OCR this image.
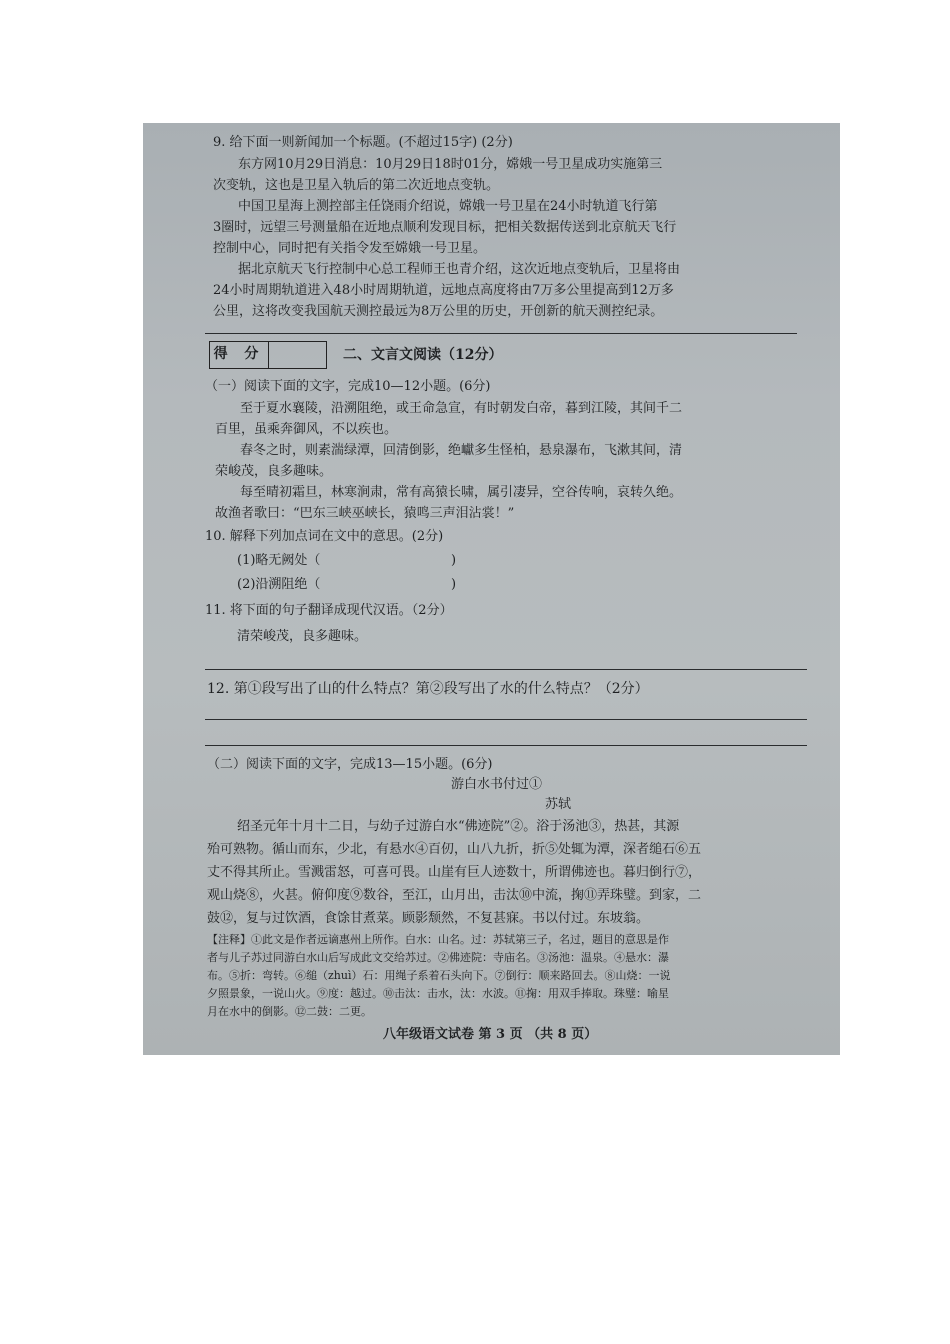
9. 给下面一则新闻加一个标题。(不超过15字) (2分)
东方网10月29日消息：10月29日18时01分，嫦娥一号卫星成功实施第三
次变轨，这也是卫星入轨后的第二次近地点变轨。
中国卫星海上测控部主任饶雨介绍说，嫦娥一号卫星在24小时轨道飞行第
3圈时，远望三号测量船在近地点顺利发现目标，把相关数据传送到北京航天飞行
控制中心，同时把有关指令发至嫦娥一号卫星。
据北京航天飞行控制中心总工程师王也青介绍，这次近地点变轨后，卫星将由
24小时周期轨道进入48小时周期轨道，远地点高度将由7万多公里提高到12万多
公里，这将改变我国航天测控最远为8万公里的历史，开创新的航天测控纪录。
得 分	二、文言文阅读（12分）
（一）阅读下面的文字，完成10—12小题。(6分)
至于夏水襄陵，沿溯阻绝，或王命急宣，有时朝发白帝，暮到江陵，其间千二
百里，虽乘奔御风，不以疾也。
春冬之时，则素湍绿潭，回清倒影，绝巘多生怪柏，悬泉瀑布，飞漱其间，清
荣峻茂，良多趣味。
每至晴初霜旦，林寒涧肃，常有高猿长啸，属引凄异，空谷传响，哀转久绝。
故渔者歌曰：“巴东三峡巫峡长，猿鸣三声泪沾裳！”
10. 解释下列加点词在文中的意思。(2分)
(1)略无阙处（	)
(2)沿溯阻绝（	)
11. 将下面的句子翻译成现代汉语。（2分）
清荣峻茂，良多趣味。
12. 第①段写出了山的什么特点？第②段写出了水的什么特点？（2分）
（二）阅读下面的文字，完成13—15小题。(6分)
游白水书付过①
苏轼
绍圣元年十月十二日，与幼子过游白水“佛迹院”②。浴于汤池③，热甚，其源
殆可熟物。循山而东，少北，有悬水④百仞，山八九折，折⑤处辄为潭，深者缒石⑥五
丈不得其所止。雪溅雷怒，可喜可畏。山崖有巨人迹数十，所谓佛迹也。暮归倒行⑦，
观山烧⑧，火甚。俯仰度⑨数谷，至江，山月出，击汰⑩中流，掬⑪弄珠璧。到家，二
鼓⑫，复与过饮酒，食馀甘煮菜。顾影颓然，不复甚寐。书以付过。东坡翁。
【注释】①此文是作者远谪惠州上所作。白水：山名。过：苏轼第三子，名过，题目的意思是作
者与儿子苏过同游白水山后写成此文交给苏过。②佛迹院：寺庙名。③汤池：温泉。④悬水：瀑
布。⑤折：弯转。⑥缒（zhuì）石：用绳子系着石头向下。⑦倒行：顺来路回去。⑧山烧：一说
夕照景象，一说山火。⑨度：越过。⑩击汰：击水，汰：水波。⑪掬：用双手捧取。珠璧：喻星
月在水中的倒影。⑫二鼓：二更。
八年级语文试卷 第 3 页 （共 8 页）
